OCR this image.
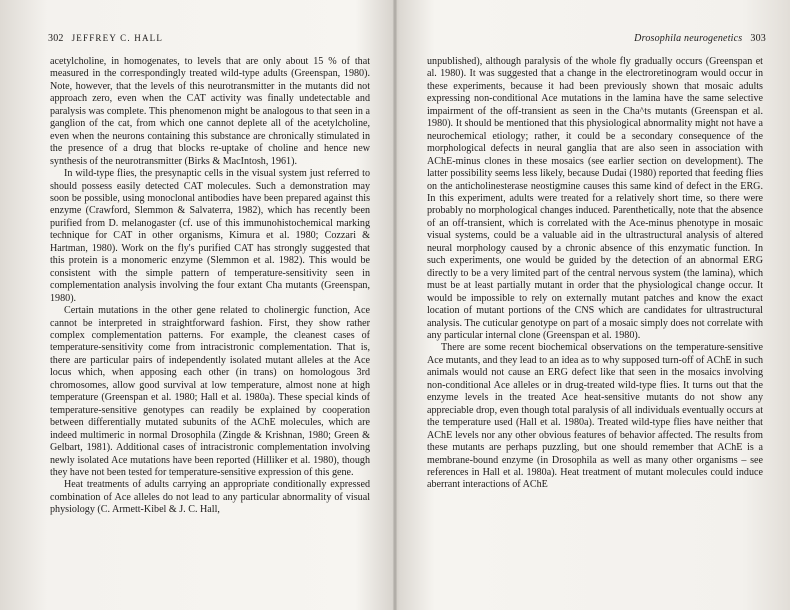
302 JEFFREY C. HALL

acetylcholine, in homogenates, to levels that are only about 15 % of that measured in the correspondingly treated wild-type adults (Greenspan, 1980). Note, however, that the levels of this neurotransmitter in the mutants did not approach zero, even when the CAT activity was finally undetectable and paralysis was complete. This phenomenon might be analogous to that seen in a ganglion of the cat, from which one cannot deplete all of the acetylcholine, even when the neurons containing this substance are chronically stimulated in the presence of a drug that blocks re-uptake of choline and hence new synthesis of the neurotransmitter (Birks & MacIntosh, 1961).

In wild-type flies, the presynaptic cells in the visual system just referred to should possess easily detected CAT molecules. Such a demonstration may soon be possible, using monoclonal antibodies have been prepared against this enzyme (Crawford, Slemmon & Salvaterra, 1982), which has recently been purified from D. melanogaster (cf. use of this immunohistochemical marking technique for CAT in other organisms, Kimura et al. 1980; Cozzari & Hartman, 1980). Work on the fly's purified CAT has strongly suggested that this protein is a monomeric enzyme (Slemmon et al. 1982). This would be consistent with the simple pattern of temperature-sensitivity seen in complementation analysis involving the four extant Cha mutants (Greenspan, 1980).

Certain mutations in the other gene related to cholinergic function, Ace cannot be interpreted in straightforward fashion. First, they show rather complex complementation patterns. For example, the cleanest cases of temperature-sensitivity come from intracistronic complementation. That is, there are particular pairs of independently isolated mutant alleles at the Ace locus which, when apposing each other (in trans) on homologous 3rd chromosomes, allow good survival at low temperature, almost none at high temperature (Greenspan et al. 1980; Hall et al. 1980a). These special kinds of temperature-sensitive genotypes can readily be explained by cooperation between differentially mutated subunits of the AChE molecules, which are indeed multimeric in normal Drosophila (Zingde & Krishnan, 1980; Green & Gelbart, 1981). Additional cases of intracistronic complementation involving newly isolated Ace mutations have been reported (Hilliker et al. 1980), though they have not been tested for temperature-sensitive expression of this gene.

Heat treatments of adults carrying an appropriate conditionally expressed combination of Ace alleles do not lead to any particular abnormality of visual physiology (C. Armett-Kibel & J. C. Hall,

Drosophila neurogenetics 303

unpublished), although paralysis of the whole fly gradually occurs (Greenspan et al. 1980). It was suggested that a change in the electroretinogram would occur in these experiments, because it had been previously shown that mosaic adults expressing non-conditional Ace mutations in the lamina have the same selective impairment of the off-transient as seen in the Cha^ts mutants (Greenspan et al. 1980). It should be mentioned that this physiological abnormality might not have a neurochemical etiology; rather, it could be a secondary consequence of the morphological defects in neural ganglia that are also seen in association with AChE-minus clones in these mosaics (see earlier section on development). The latter possibility seems less likely, because Dudai (1980) reported that feeding flies on the anticholinesterase neostigmine causes this same kind of defect in the ERG. In this experiment, adults were treated for a relatively short time, so there were probably no morphological changes induced. Parenthetically, note that the absence of an off-transient, which is correlated with the Ace-minus phenotype in mosaic visual systems, could be a valuable aid in the ultrastructural analysis of altered neural morphology caused by a chronic absence of this enzymatic function. In such experiments, one would be guided by the detection of an abnormal ERG directly to be a very limited part of the central nervous system (the lamina), which must be at least partially mutant in order that the physiological change occur. It would be impossible to rely on externally mutant patches and know the exact location of mutant portions of the CNS which are candidates for ultrastructural analysis. The cuticular genotype on part of a mosaic simply does not correlate with any particular internal clone (Greenspan et al. 1980).

There are some recent biochemical observations on the temperature-sensitive Ace mutants, and they lead to an idea as to why supposed turn-off of AChE in such animals would not cause an ERG defect like that seen in the mosaics involving non-conditional Ace alleles or in drug-treated wild-type flies. It turns out that the enzyme levels in the treated Ace heat-sensitive mutants do not show any appreciable drop, even though total paralysis of all individuals eventually occurs at the temperature used (Hall et al. 1980a). Treated wild-type flies have neither that AChE levels nor any other obvious features of behavior affected. The results from these mutants are perhaps puzzling, but one should remember that AChE is a membrane-bound enzyme (in Drosophila as well as many other organisms – see references in Hall et al. 1980a). Heat treatment of mutant molecules could induce aberrant interactions of AChE
